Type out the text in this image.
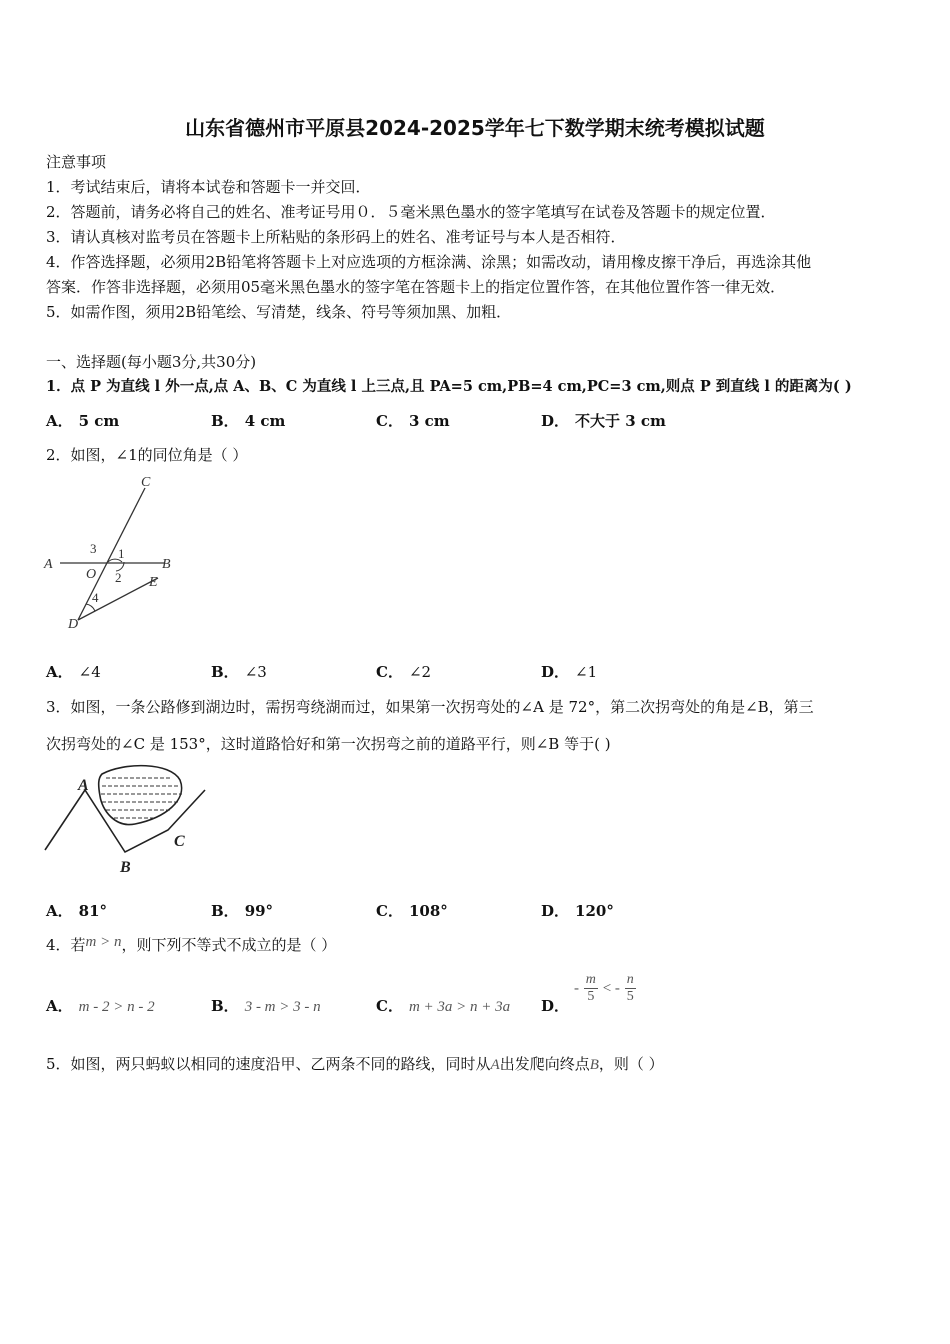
山东省德州市平原县2024-2025学年七下数学期末统考模拟试题
注意事项
1．考试结束后，请将本试卷和答题卡一并交回．
2．答题前，请务必将自己的姓名、准考证号用０．５毫米黑色墨水的签字笔填写在试卷及答题卡的规定位置．
3．请认真核对监考员在答题卡上所粘贴的条形码上的姓名、准考证号与本人是否相符．
4．作答选择题，必须用2B铅笔将答题卡上对应选项的方框涂满、涂黑；如需改动，请用橡皮擦干净后，再选涂其他
答案．作答非选择题，必须用05毫米黑色墨水的签字笔在答题卡上的指定位置作答，在其他位置作答一律无效．
5．如需作图，须用2B铅笔绘、写清楚，线条、符号等须加黑、加粗．
一、选择题(每小题3分,共30分)
1．点 P 为直线 l 外一点,点 A、B、C 为直线 l 上三点,且 PA=5 cm,PB=4 cm,PC=3 cm,则点 P 到直线 l 的距离为( )
A． 5 cm	B． 4 cm	C． 3 cm	D． 不大于 3 cm
2．如图，∠1的同位角是（ ）
C
A	B
O
E
D
1
2
3
4
A． ∠4	B． ∠3	C． ∠2	D． ∠1
3．如图，一条公路修到湖边时，需拐弯绕湖而过，如果第一次拐弯处的∠A 是 72°，第二次拐弯处的角是∠B，第三
次拐弯处的∠C 是 153°，这时道路恰好和第一次拐弯之前的道路平行，则∠B 等于( )
A
B
C
A． 81°	B． 99°	C． 108°	D． 120°
4．若m > n，则下列不等式不成立的是（ ）
A． m - 2 > n - 2	B． 3 - m > 3 - n	C． m + 3a > n + 3a D．
- $\frac{m}{5}$ < - $\frac{n}{5}$
5．如图，两只蚂蚁以相同的速度沿甲、乙两条不同的路线，同时从A出发爬向终点B，则（ ）
